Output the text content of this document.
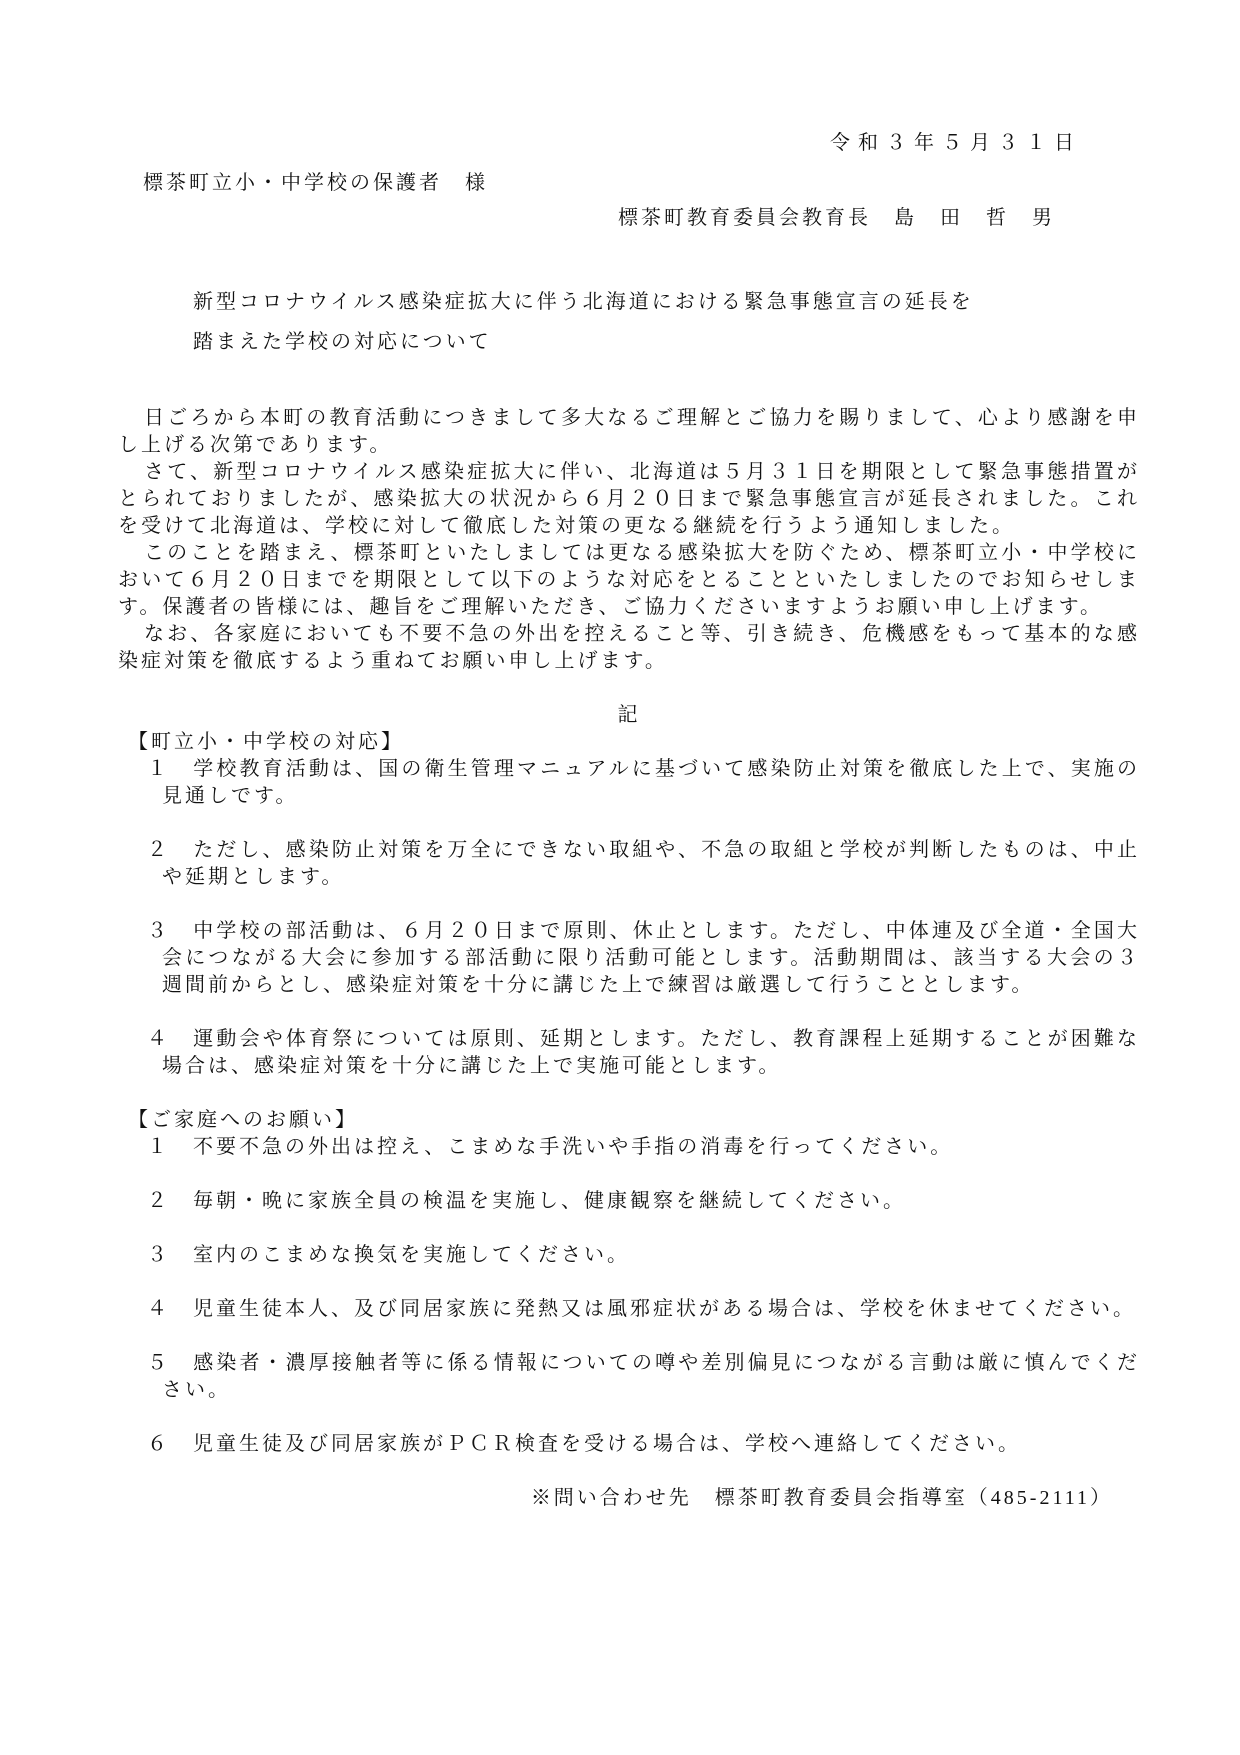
令和３年５月３１日
標茶町立小・中学校の保護者　様
標茶町教育委員会教育長　島　田　哲　男
新型コロナウイルス感染症拡大に伴う北海道における緊急事態宣言の延長を
踏まえた学校の対応について

日ごろから本町の教育活動につきまして多大なるご理解とご協力を賜りまして、心より感謝を申し上げる次第であります。

さて、新型コロナウイルス感染症拡大に伴い、北海道は５月３１日を期限として緊急事態措置がとられておりましたが、感染拡大の状況から６月２０日まで緊急事態宣言が延長されました。これを受けて北海道は、学校に対して徹底した対策の更なる継続を行うよう通知しました。

このことを踏まえ、標茶町といたしましては更なる感染拡大を防ぐため、標茶町立小・中学校において６月２０日までを期限として以下のような対応をとることといたしましたのでお知らせします。保護者の皆様には、趣旨をご理解いただき、ご協力くださいますようお願い申し上げます。

なお、各家庭においても不要不急の外出を控えること等、引き続き、危機感をもって基本的な感染症対策を徹底するよう重ねてお願い申し上げます。

記
【町立小・中学校の対応】
１　学校教育活動は、国の衛生管理マニュアルに基づいて感染防止対策を徹底した上で、実施の見通しです。
２　ただし、感染防止対策を万全にできない取組や、不急の取組と学校が判断したものは、中止や延期とします。
３　中学校の部活動は、６月２０日まで原則、休止とします。ただし、中体連及び全道・全国大会につながる大会に参加する部活動に限り活動可能とします。活動期間は、該当する大会の３週間前からとし、感染症対策を十分に講じた上で練習は厳選して行うこととします。
４　運動会や体育祭については原則、延期とします。ただし、教育課程上延期することが困難な場合は、感染症対策を十分に講じた上で実施可能とします。
【ご家庭へのお願い】
１　不要不急の外出は控え、こまめな手洗いや手指の消毒を行ってください。
２　毎朝・晩に家族全員の検温を実施し、健康観察を継続してください。
３　室内のこまめな換気を実施してください。
４　児童生徒本人、及び同居家族に発熱又は風邪症状がある場合は、学校を休ませてください。
５　感染者・濃厚接触者等に係る情報についての噂や差別偏見につながる言動は厳に慎んでください。
６　児童生徒及び同居家族がＰＣＲ検査を受ける場合は、学校へ連絡してください。
※問い合わせ先　標茶町教育委員会指導室（485-2111）
